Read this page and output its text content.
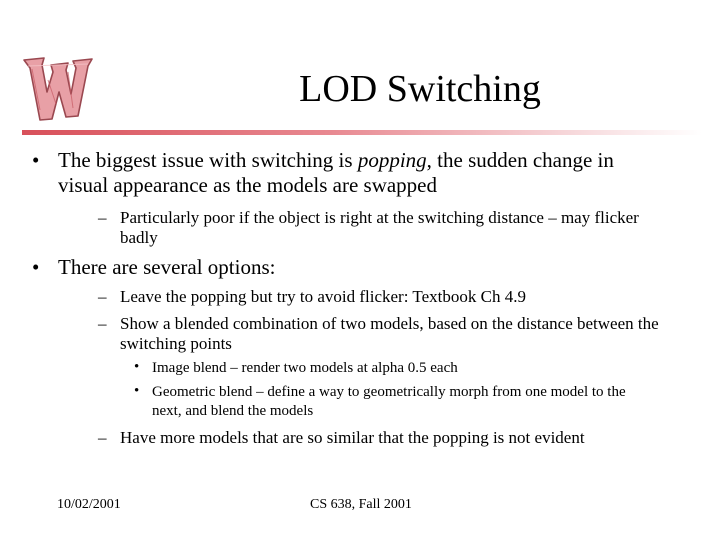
LOD Switching
• The biggest issue with switching is popping, the sudden change in visual appearance as the models are swapped
– Particularly poor if the object is right at the switching distance – may flicker badly
• There are several options:
– Leave the popping but try to avoid flicker: Textbook Ch 4.9
– Show a blended combination of two models, based on the distance between the switching points
• Image blend – render two models at alpha 0.5 each
• Geometric blend – define a way to geometrically morph from one model to the next, and blend the models
– Have more models that are so similar that the popping is not evident
10/02/2001	CS 638, Fall 2001
